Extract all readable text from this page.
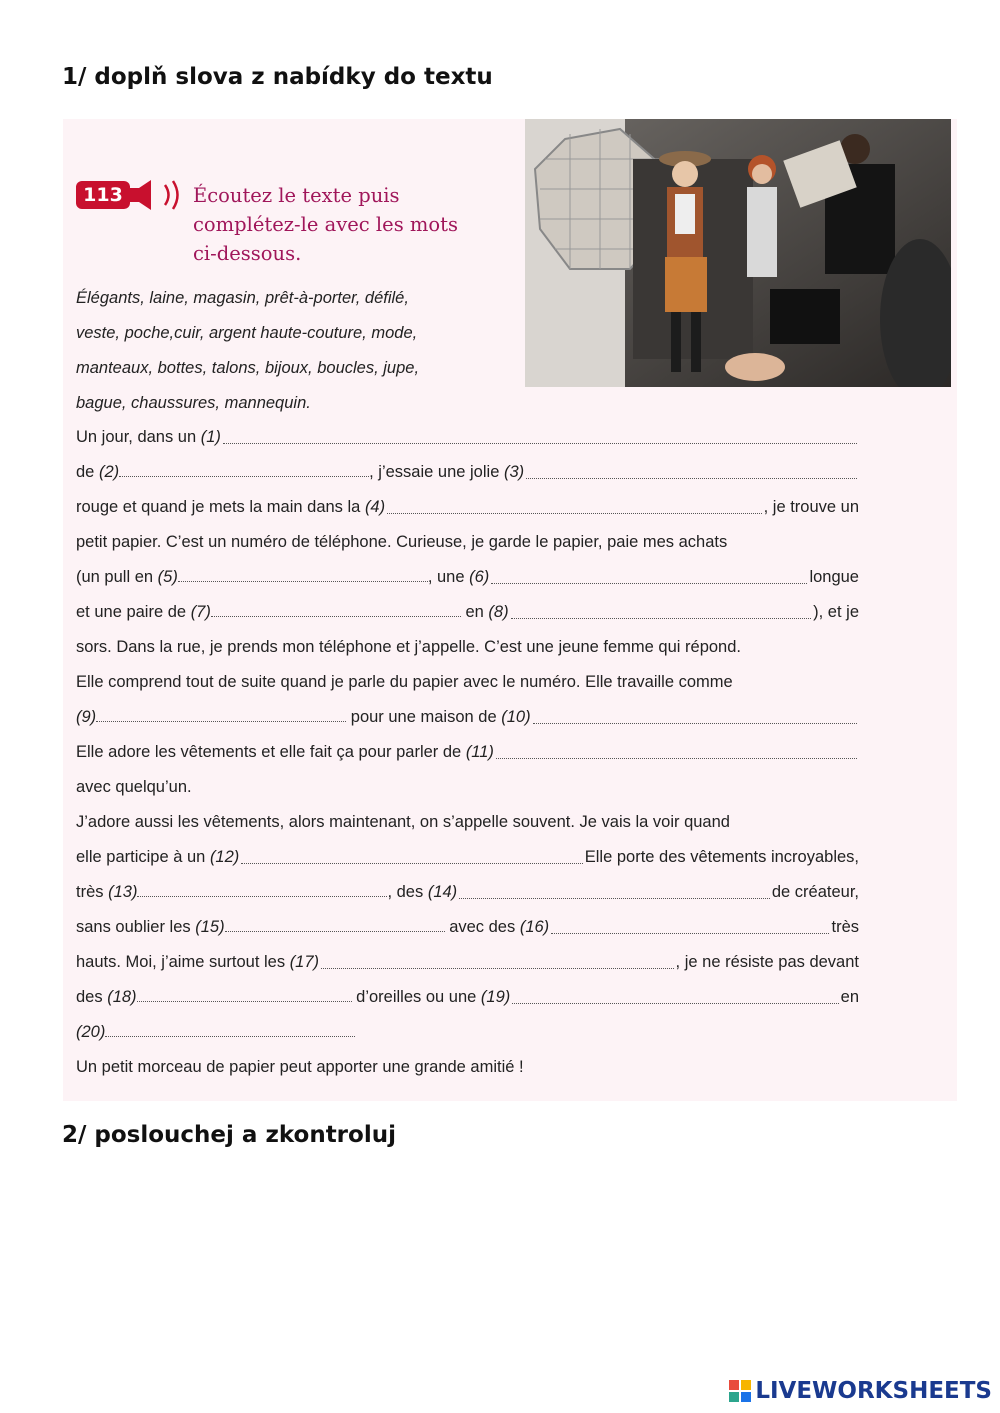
1/ doplň slova z nabídky do textu
113	Écoutez le texte puis
complétez-le avec les mots
ci-dessous.
Élégants, laine, magasin, prêt-à-porter, défilé,
veste, poche,cuir, argent haute-couture, mode,
manteaux, bottes, talons, bijoux, boucles, jupe,
bague, chaussures, mannequin.
Un jour, dans un
(1)
de
(2)	, j’essaie une jolie
(3)
rouge et quand je mets la main dans la
(4)	, je trouve un
petit papier. C’est un numéro de téléphone. Curieuse, je garde le papier, paie mes achats
(un pull en
(5)	, une
(6)	longue
et une paire de
(7)
	en
(8)	), et je
sors. Dans la rue, je prends mon téléphone et j’appelle. C’est une jeune femme qui répond.
Elle comprend tout de suite quand je parle du papier avec le numéro. Elle travaille comme
(9)
	pour une maison de
(10)
Elle adore les vêtements et elle fait ça pour parler de
(11)
avec quelqu’un.
J’adore aussi les vêtements, alors maintenant, on s’appelle souvent. Je vais la voir quand
elle participe à un
(12)	Elle porte des vêtements incroyables,
très
(13)	, des
(14)	de créateur,
sans oublier les
(15)
	avec des
(16)	très
hauts. Moi, j’aime surtout les
(17)	, je ne résiste pas devant
des
(18)
	d’oreilles ou une
(19)	en
(20)
Un petit morceau de papier peut apporter une grande amitié !
2/ poslouchej a zkontroluj
LIVEWORKSHEETS
